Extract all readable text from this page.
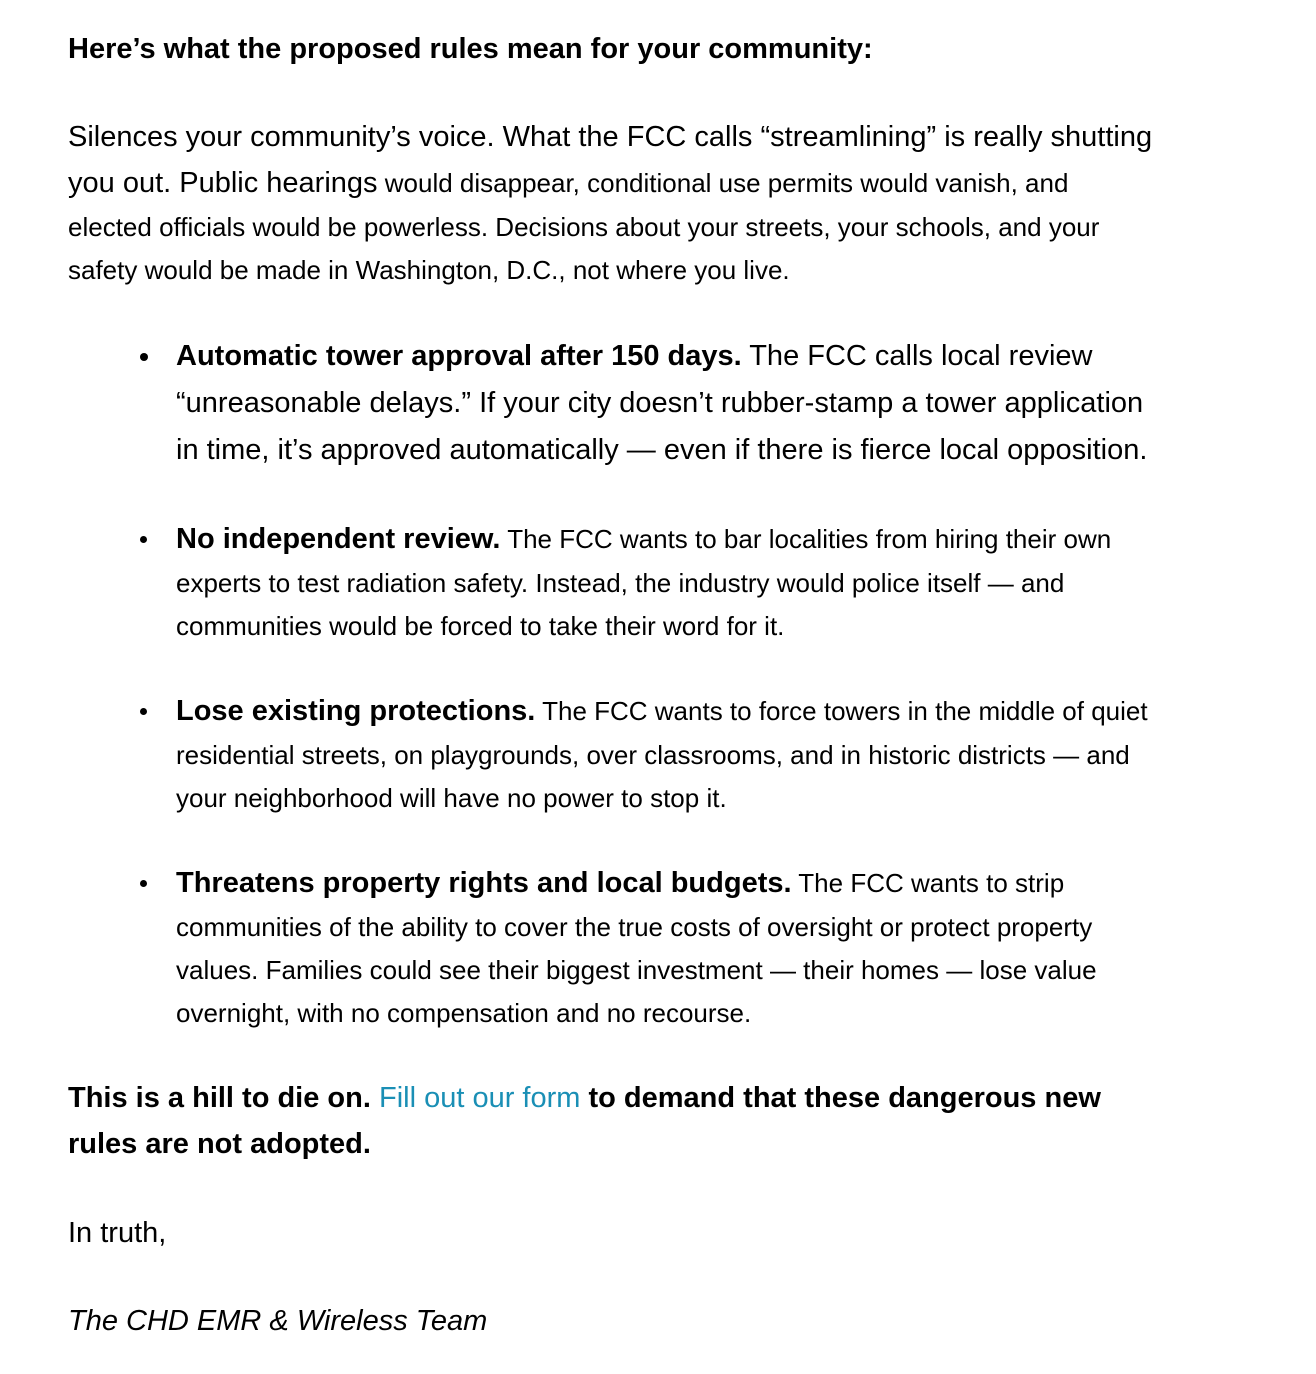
Here’s what the proposed rules mean for your community:

Silences your community’s voice. What the FCC calls “streamlining” is really shutting
you out. Public hearings would disappear, conditional use permits would vanish, and
elected officials would be powerless. Decisions about your streets, your schools, and your
safety would be made in Washington, D.C., not where you live.

Automatic tower approval after 150 days. The FCC calls local review
“unreasonable delays.” If your city doesn’t rubber-stamp a tower application
in time, it’s approved automatically — even if there is fierce local opposition.
No independent review. The FCC wants to bar localities from hiring their own
experts to test radiation safety. Instead, the industry would police itself — and
communities would be forced to take their word for it.
Lose existing protections. The FCC wants to force towers in the middle of quiet
residential streets, on playgrounds, over classrooms, and in historic districts — and
your neighborhood will have no power to stop it.
Threatens property rights and local budgets. The FCC wants to strip
communities of the ability to cover the true costs of oversight or protect property
values. Families could see their biggest investment — their homes — lose value
overnight, with no compensation and no recourse.

This is a hill to die on. Fill out our form to demand that these dangerous new
rules are not adopted.

In truth,

The CHD EMR & Wireless Team
